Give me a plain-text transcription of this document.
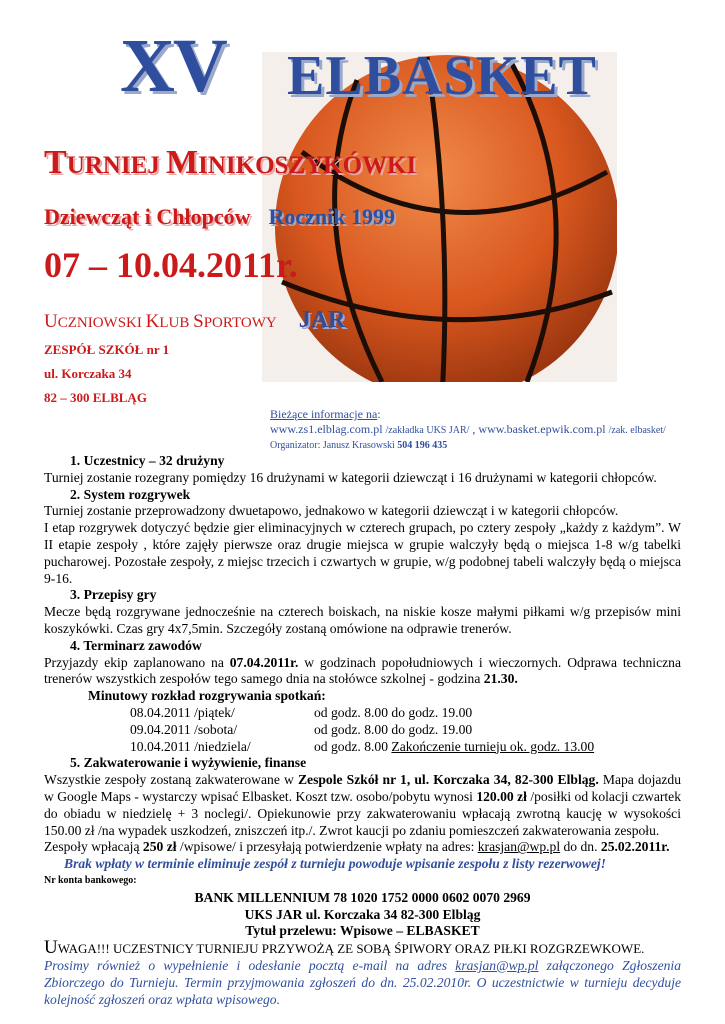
XV ELBASKET
TURNIEJ MINIKOSZYKÓWKI
Dziewcząt i Chłopców Rocznik 1999
07 – 10.04.2011r.
UCZNIOWSKI KLUB SPORTOWY JAR
ZESPÓŁ SZKÓŁ nr 1
ul. Korczaka 34
82 – 300 ELBLĄG
Bieżące informacje na:
www.zs1.elblag.com.pl /zakładka UKS JAR/ , www.basket.epwik.com.pl /zak. elbasket/
Organizator: Janusz Krasowski 504 196 435

1. Uczestnicy – 32 drużyny

Turniej zostanie rozegrany pomiędzy 16 drużynami w kategorii dziewcząt i 16 drużynami w kategorii chłopców.

2. System rozgrywek

Turniej zostanie przeprowadzony dwuetapowo, jednakowo w kategorii dziewcząt i w kategorii chłopców.

I etap rozgrywek dotyczyć będzie gier eliminacyjnych w czterech grupach, po cztery zespoły „każdy z każdym”. W II etapie zespoły , które zajęły pierwsze oraz drugie miejsca w grupie walczyły będą o miejsca 1-8 w/g tabelki pucharowej. Pozostałe zespoły, z miejsc trzecich i czwartych w grupie, w/g podobnej tabeli walczyły będą o miejsca 9-16.

3. Przepisy gry

Mecze będą rozgrywane jednocześnie na czterech boiskach, na niskie kosze małymi piłkami w/g przepisów mini koszykówki. Czas gry 4x7,5min. Szczegóły zostaną omówione na odprawie trenerów.

4. Terminarz zawodów

Przyjazdy ekip zaplanowano na 07.04.2011r. w godzinach popołudniowych i wieczornych. Odprawa techniczna trenerów wszystkich zespołów tego samego dnia na stołówce szkolnej - godzina 21.30.

Minutowy rozkład rozgrywania spotkań:

08.04.2011 /piątek/	od godz. 8.00 do godz. 19.00
09.04.2011 /sobota/	od godz. 8.00 do godz. 19.00
10.04.2011 /niedziela/	od godz. 8.00 Zakończenie turnieju ok. godz. 13.00

5. Zakwaterowanie i wyżywienie, finanse

Wszystkie zespoły zostaną zakwaterowane w Zespole Szkół nr 1, ul. Korczaka 34, 82-300 Elbląg. Mapa dojazdu w Google Maps - wystarczy wpisać Elbasket. Koszt tzw. osobo/pobytu wynosi 120.00 zł /posiłki od kolacji czwartek do obiadu w niedzielę + 3 noclegi/. Opiekunowie przy zakwaterowaniu wpłacają zwrotną kaucję w wysokości 150.00 zł /na wypadek uszkodzeń, zniszczeń itp./. Zwrot kaucji po zdaniu pomieszczeń zakwaterowania zespołu.

Zespoły wpłacają 250 zł /wpisowe/ i przesyłają potwierdzenie wpłaty na adres: krasjan@wp.pl do dn. 25.02.2011r.

Brak wpłaty w terminie eliminuje zespół z turnieju powoduje wpisanie zespołu z listy rezerwowej!

Nr konta bankowego:

BANK MILLENNIUM 78 1020 1752 0000 0602 0070 2969

UKS JAR ul. Korczaka 34 82-300 Elbląg

Tytuł przelewu: Wpisowe – ELBASKET

UWAGA!!! UCZESTNICY TURNIEJU PRZYWOŻĄ ZE SOBĄ ŚPIWORY ORAZ PIŁKI ROZGRZEWKOWE.

Prosimy również o wypełnienie i odesłanie pocztą e-mail na adres krasjan@wp.pl załączonego Zgłoszenia Zbiorczego do Turnieju. Termin przyjmowania zgłoszeń do dn. 25.02.2010r. O uczestnictwie w turnieju decyduje kolejność zgłoszeń oraz wpłata wpisowego.
